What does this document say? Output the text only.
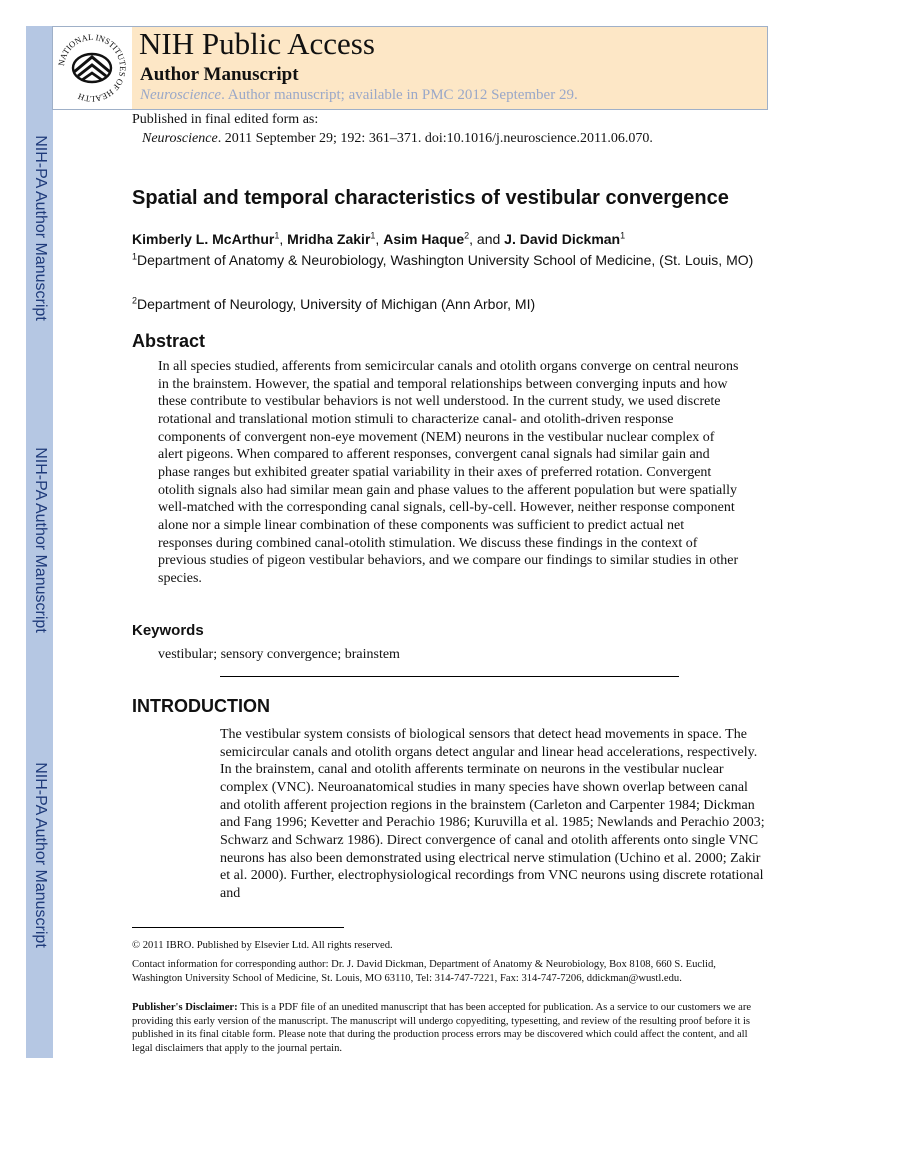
NIH-PA Author Manuscript
NIH-PA Author Manuscript
NIH-PA Author Manuscript
NATIONAL INSTITUTES OF HEALTH
NIH Public Access
Author Manuscript
Neuroscience. Author manuscript; available in PMC 2012 September 29.
Published in final edited form as:
Neuroscience. 2011 September 29; 192: 361–371. doi:10.1016/j.neuroscience.2011.06.070.
Spatial and temporal characteristics of vestibular convergence
Kimberly L. McArthur$^1$, Mridha Zakir$^1$, Asim Haque$^2$, and J. David Dickman$^1$
$^1$Department of Anatomy & Neurobiology, Washington University School of Medicine, (St. Louis, MO)
$^2$Department of Neurology, University of Michigan (Ann Arbor, MI)
Abstract

In all species studied, afferents from semicircular canals and otolith organs converge on central neurons in the brainstem. However, the spatial and temporal relationships between converging inputs and how these contribute to vestibular behaviors is not well understood. In the current study, we used discrete rotational and translational motion stimuli to characterize canal- and otolith-driven response components of convergent non-eye movement (NEM) neurons in the vestibular nuclear complex of alert pigeons. When compared to afferent responses, convergent canal signals had similar gain and phase ranges but exhibited greater spatial variability in their axes of preferred rotation. Convergent otolith signals also had similar mean gain and phase values to the afferent population but were spatially well-matched with the corresponding canal signals, cell-by-cell. However, neither response component alone nor a simple linear combination of these components was sufficient to predict actual net responses during combined canal-otolith stimulation. We discuss these findings in the context of previous studies of pigeon vestibular behaviors, and we compare our findings to similar studies in other species.

Keywords
vestibular; sensory convergence; brainstem
INTRODUCTION

The vestibular system consists of biological sensors that detect head movements in space. The semicircular canals and otolith organs detect angular and linear head accelerations, respectively. In the brainstem, canal and otolith afferents terminate on neurons in the vestibular nuclear complex (VNC). Neuroanatomical studies in many species have shown overlap between canal and otolith afferent projection regions in the brainstem (Carleton and Carpenter 1984; Dickman and Fang 1996; Kevetter and Perachio 1986; Kuruvilla et al. 1985; Newlands and Perachio 2003; Schwarz and Schwarz 1986). Direct convergence of canal and otolith afferents onto single VNC neurons has also been demonstrated using electrical nerve stimulation (Uchino et al. 2000; Zakir et al. 2000). Further, electrophysiological recordings from VNC neurons using discrete rotational and

© 2011 IBRO. Published by Elsevier Ltd. All rights reserved.

Contact information for corresponding author: Dr. J. David Dickman, Department of Anatomy & Neurobiology, Box 8108, 660 S. Euclid, Washington University School of Medicine, St. Louis, MO 63110, Tel: 314-747-7221, Fax: 314-747-7206, ddickman@wustl.edu.

Publisher's Disclaimer: This is a PDF file of an unedited manuscript that has been accepted for publication. As a service to our customers we are providing this early version of the manuscript. The manuscript will undergo copyediting, typesetting, and review of the resulting proof before it is published in its final citable form. Please note that during the production process errors may be discovered which could affect the content, and all legal disclaimers that apply to the journal pertain.
